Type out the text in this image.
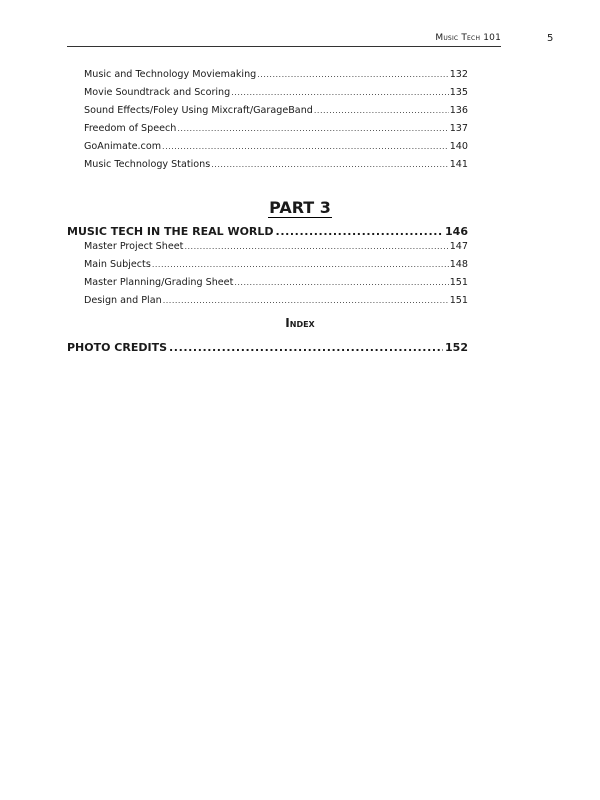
Music Tech 101	5
Music and Technology Moviemaking .....	132
Movie Soundtrack and Scoring .....	135
Sound Effects/Foley Using Mixcraft/GarageBand .....	136
Freedom of Speech .....	137
GoAnimate.com .....	140
Music Technology Stations .....	141
PART 3
MUSIC TECH IN THE REAL WORLD .....	146
Master Project Sheet .....	147
Main Subjects .....	148
Master Planning/Grading Sheet .....	151
Design and Plan .....	151
Index
PHOTO CREDITS .....	152
